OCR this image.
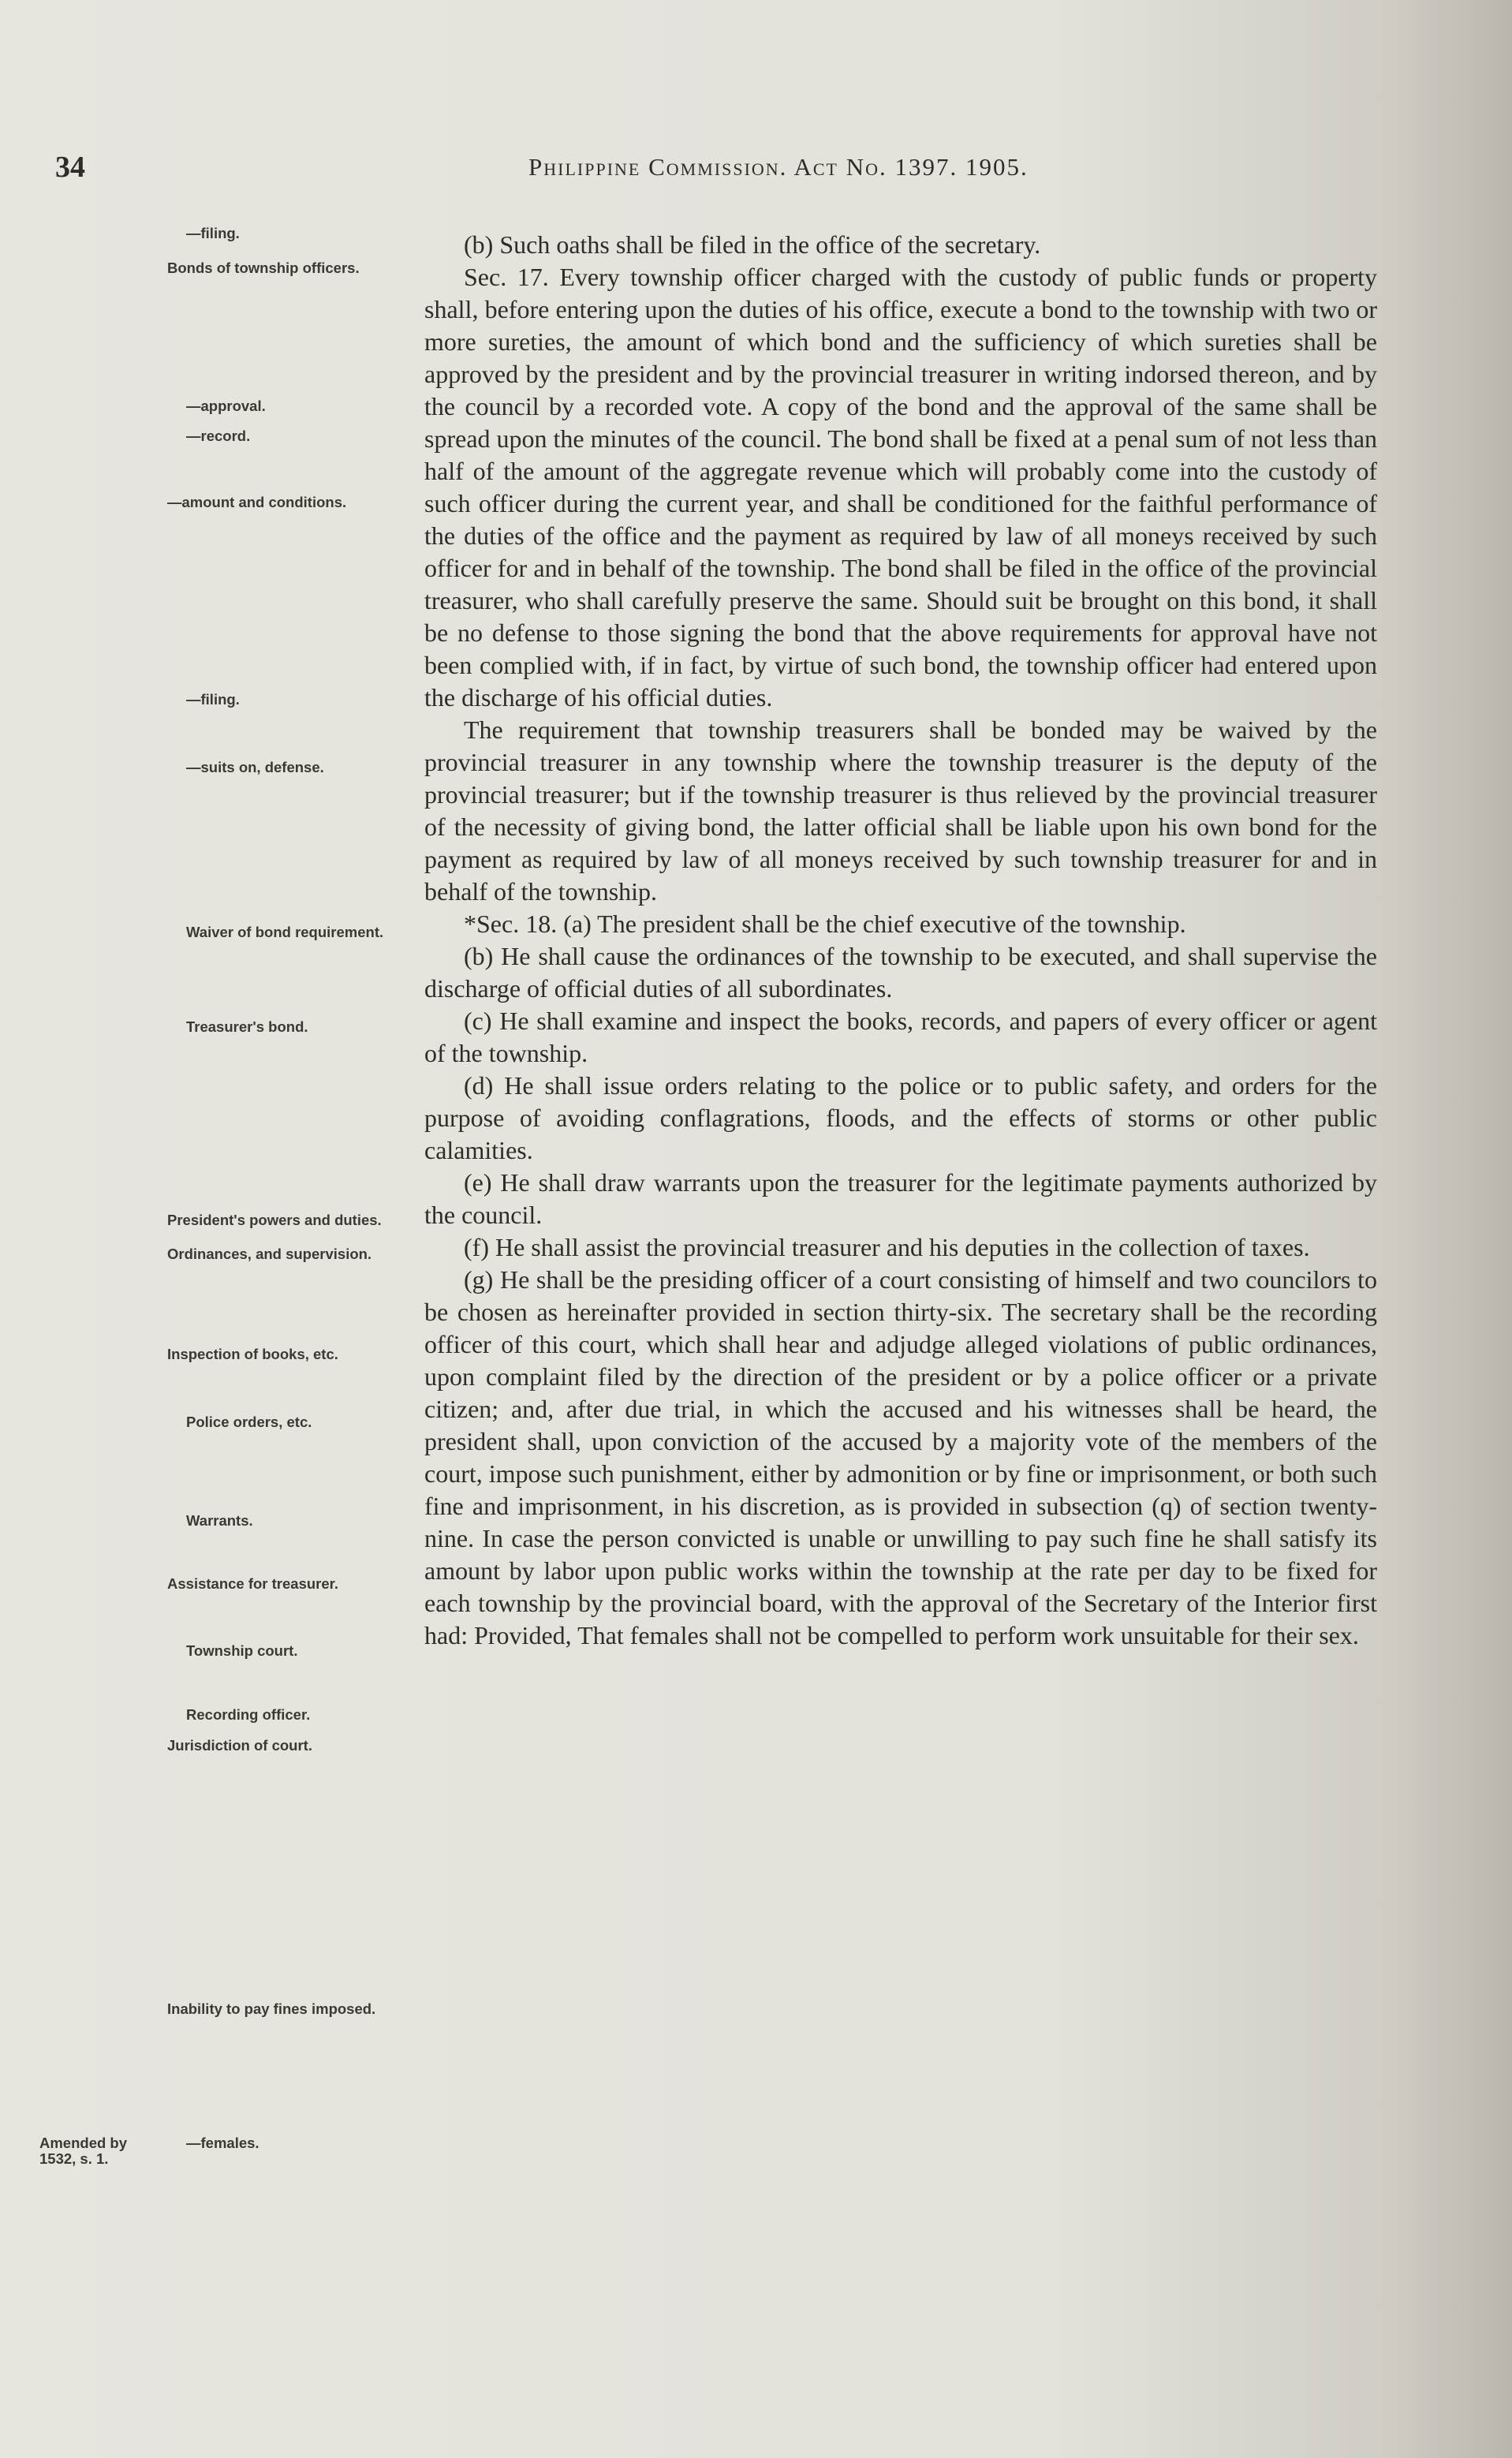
34	Philippine Commission. Act No. 1397. 1905.
—filing.
Bonds of township officers.
—approval.
—record.
—amount and conditions.
—filing.
—suits on, defense.
Waiver of bond requirement.
Treasurer's bond.
President's powers and duties.
Ordinances, and supervision.
Inspection of books, etc.
Police orders, etc.
Warrants.
Assistance for treasurer.
Township court.
Recording officer.
Jurisdiction of court.
Inability to pay fines imposed.
Amended by 1532, s. 1.
—females.

(b) Such oaths shall be filed in the office of the secretary.

Sec. 17. Every township officer charged with the custody of public funds or property shall, before entering upon the duties of his office, execute a bond to the township with two or more sureties, the amount of which bond and the sufficiency of which sureties shall be approved by the president and by the provincial treasurer in writing indorsed thereon, and by the council by a recorded vote. A copy of the bond and the approval of the same shall be spread upon the minutes of the council. The bond shall be fixed at a penal sum of not less than half of the amount of the aggregate revenue which will probably come into the custody of such officer during the current year, and shall be conditioned for the faithful performance of the duties of the office and the payment as required by law of all moneys received by such officer for and in behalf of the township. The bond shall be filed in the office of the provincial treasurer, who shall carefully preserve the same. Should suit be brought on this bond, it shall be no defense to those signing the bond that the above requirements for approval have not been complied with, if in fact, by virtue of such bond, the township officer had entered upon the discharge of his official duties.

The requirement that township treasurers shall be bonded may be waived by the provincial treasurer in any township where the township treasurer is the deputy of the provincial treasurer; but if the township treasurer is thus relieved by the provincial treasurer of the necessity of giving bond, the latter official shall be liable upon his own bond for the payment as required by law of all moneys received by such township treasurer for and in behalf of the township.

*Sec. 18. (a) The president shall be the chief executive of the township.

(b) He shall cause the ordinances of the township to be executed, and shall supervise the discharge of official duties of all subordinates.

(c) He shall examine and inspect the books, records, and papers of every officer or agent of the township.

(d) He shall issue orders relating to the police or to public safety, and orders for the purpose of avoiding conflagrations, floods, and the effects of storms or other public calamities.

(e) He shall draw warrants upon the treasurer for the legitimate payments authorized by the council.

(f) He shall assist the provincial treasurer and his deputies in the collection of taxes.

(g) He shall be the presiding officer of a court consisting of himself and two councilors to be chosen as hereinafter provided in section thirty-six. The secretary shall be the recording officer of this court, which shall hear and adjudge alleged violations of public ordinances, upon complaint filed by the direction of the president or by a police officer or a private citizen; and, after due trial, in which the accused and his witnesses shall be heard, the president shall, upon conviction of the accused by a majority vote of the members of the court, impose such punishment, either by admonition or by fine or imprisonment, or both such fine and imprisonment, in his discretion, as is provided in subsection (q) of section twenty-nine. In case the person convicted is unable or unwilling to pay such fine he shall satisfy its amount by labor upon public works within the township at the rate per day to be fixed for each township by the provincial board, with the approval of the Secretary of the Interior first had: Provided, That females shall not be compelled to perform work unsuitable for their sex.
